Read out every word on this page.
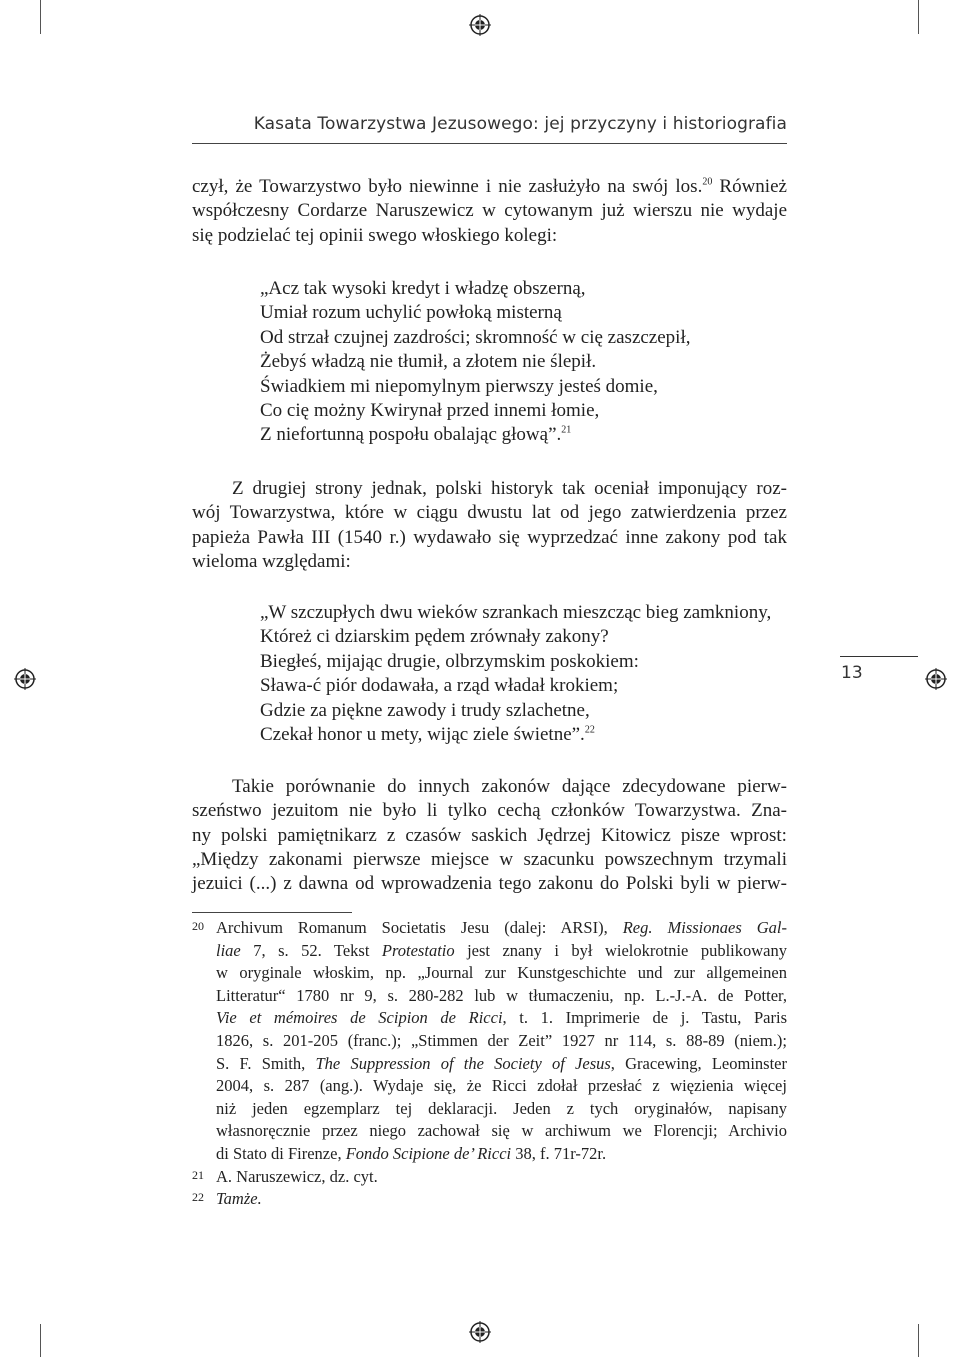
Kasata Towarzystwa Jezusowego: jej przyczyny i historiografia
czył, że Towarzystwo było niewinne i nie zasłużyło na swój los.$^{20}$ Również
współczesny Cordarze Naruszewicz w cytowanym już wierszu nie wydaje
się podzielać tej opinii swego włoskiego kolegi:
„Acz tak wysoki kredyt i władzę obszerną,
Umiał rozum uchylić powłoką misterną
Od strzał czujnej zazdrości; skromność w cię zaszczepił,
Żebyś władzą nie tłumił, a złotem nie ślepił.
Świadkiem mi niepomylnym pierwszy jesteś domie,
Co cię możny Kwirynał przed innemi łomie,
Z niefortunną pospołu obalając głową”.$^{21}$
Z drugiej strony jednak, polski historyk tak oceniał imponujący roz-
wój Towarzystwa, które w ciągu dwustu lat od jego zatwierdzenia przez
papieża Pawła III (1540 r.) wydawało się wyprzedzać inne zakony pod tak
wieloma względami:
„W szczupłych dwu wieków szrankach mieszcząc bieg zamkniony,
Któreż ci dziarskim pędem zrównały zakony?
Biegłeś, mijając drugie, olbrzymskim poskokiem:
Sława-ć piór dodawała, a rząd władał krokiem;
Gdzie za piękne zawody i trudy szlachetne,
Czekał honor u mety, wijąc ziele świetne”.$^{22}$
13
Takie porównanie do innych zakonów dające zdecydowane pierw-
szeństwo jezuitom nie było li tylko cechą członków Towarzystwa. Zna-
ny polski pamiętnikarz z czasów saskich Jędrzej Kitowicz pisze wprost:
„Między zakonami pierwsze miejsce w szacunku powszechnym trzymali
jezuici (...) z dawna od wprowadzenia tego zakonu do Polski byli w pierw-
20 Archivum Romanum Societatis Jesu (dalej: ARSI), Reg. Missionaes Gal-
liae 7, s. 52. Tekst Protestatio jest znany i był wielokrotnie publikowany
w oryginale włoskim, np. „Journal zur Kunstgeschichte und zur allgemeinen
Litteratur“ 1780 nr 9, s. 280-282 lub w tłumaczeniu, np. L.-J.-A. de Potter,
Vie et mémoires de Scipion de Ricci, t. 1. Imprimerie de j. Tastu, Paris
1826, s. 201-205 (franc.); „Stimmen der Zeit” 1927 nr 114, s. 88-89 (niem.);
S. F. Smith, The Suppression of the Society of Jesus, Gracewing, Leominster
2004, s. 287 (ang.). Wydaje się, że Ricci zdołał przesłać z więzienia więcej
niż jeden egzemplarz tej deklaracji. Jeden z tych oryginałów, napisany
własnoręcznie przez niego zachował się w archiwum we Florencji; Archivio
di Stato di Firenze, Fondo Scipione de’ Ricci 38, f. 71r-72r.
21 A. Naruszewicz, dz. cyt.
22 Tamże.
